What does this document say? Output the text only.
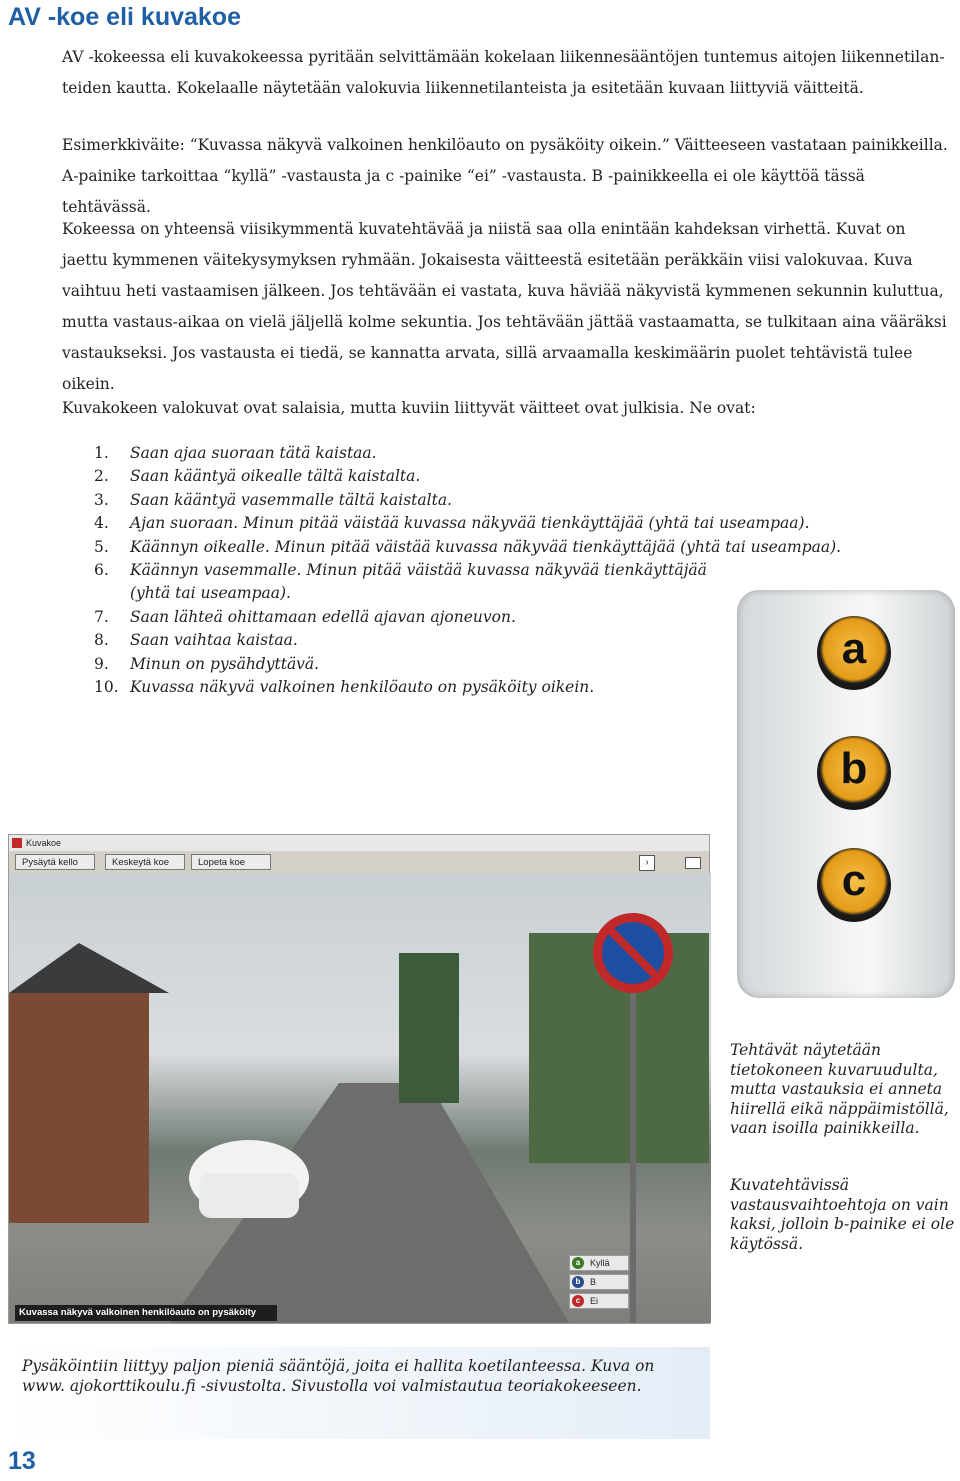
AV -koe eli kuvakoe
AV -kokeessa eli kuvakokeessa pyritään selvittämään kokelaan liikennesääntöjen tuntemus aitojen liikennetilan-teiden kautta. Kokelaalle näytetään valokuvia liikennetilanteista ja esitetään kuvaan liittyviä väitteitä.
Esimerkkiväite: “Kuvassa näkyvä valkoinen henkilöauto on pysäköity oikein.” Väitteeseen vastataan painikkeilla. A-painike tarkoittaa “kyllä” -vastausta ja c -painike “ei” -vastausta. B -painikkeella ei ole käyttöä tässä tehtävässä.
Kokeessa on yhteensä viisikymmentä kuvatehtävää ja niistä saa olla enintään kahdeksan virhettä. Kuvat on jaettu kymmenen väitekysymyksen ryhmään. Jokaisesta väitteestä esitetään peräkkäin viisi valokuvaa. Kuva vaihtuu heti vastaamisen jälkeen. Jos tehtävään ei vastata, kuva häviää näkyvistä kymmenen sekunnin kuluttua, mutta vastaus-aikaa on vielä jäljellä kolme sekuntia. Jos tehtävään jättää vastaamatta, se tulkitaan aina vääräksi vastaukseksi. Jos vastausta ei tiedä, se kannatta arvata, sillä arvaamalla keskimäärin puolet tehtävistä tulee oikein.
Kuvakokeen valokuvat ovat salaisia, mutta kuviin liittyvät väitteet ovat julkisia. Ne ovat:
1.	Saan ajaa suoraan tätä kaistaa.
2.	Saan kääntyä oikealle tältä kaistalta.
3.	Saan kääntyä vasemmalle tältä kaistalta.
4.	Ajan suoraan. Minun pitää väistää kuvassa näkyvää tienkäyttäjää (yhtä tai useampaa).
5.	Käännyn oikealle. Minun pitää väistää kuvassa näkyvää tienkäyttäjää (yhtä tai useampaa).
6.	Käännyn vasemmalle. Minun pitää väistää kuvassa näkyvää tienkäyttäjää
(yhtä tai useampaa).
7.	Saan lähteä ohittamaan edellä ajavan ajoneuvon.
8.	Saan vaihtaa kaistaa.
9.	Minun on pysähdyttävä.
10. Kuvassa näkyvä valkoinen henkilöauto on pysäköity oikein.
a
b
c
Kuvakoe
Pysäytä kello	Keskeytä koe	Lopeta koe	›
Kuvassa näkyvä valkoinen henkilöauto on pysäköity oikein.
a	Kyllä
b	B
c	Ei
Tehtävät näytetään tietokoneen kuvaruudulta, mutta vastauksia ei anneta hiirellä eikä näppäimistöllä, vaan isoilla painikkeilla.
Kuvatehtävissä vastausvaihtoehtoja on vain kaksi, jolloin b-painike ei ole käytössä.
Pysäköintiin liittyy paljon pieniä sääntöjä, joita ei hallita koetilanteessa. Kuva on www. ajokorttikoulu.fi -sivustolta. Sivustolla voi valmistautua teoriakokeeseen.
13
